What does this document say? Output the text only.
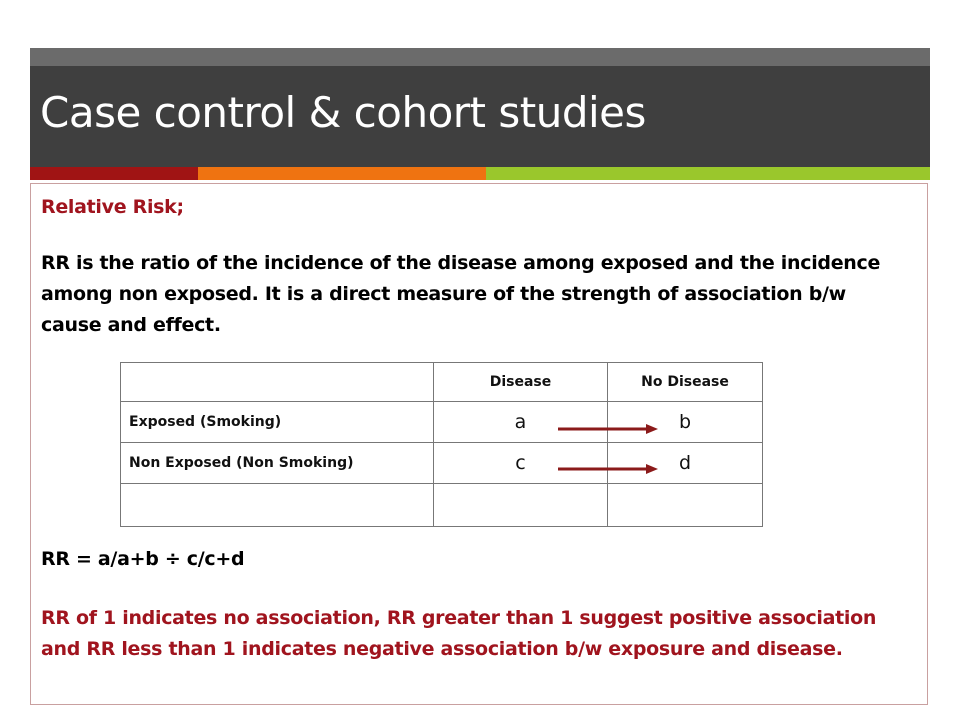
Case control & cohort studies

Relative Risk;

RR is the ratio of the incidence of the disease among exposed and the incidence among non exposed. It is a direct measure of the strength of association b/w cause and effect.

	Disease	No Disease
Exposed (Smoking)	a	b
Non Exposed (Non Smoking)	c	d

RR = a/a+b ÷ c/c+d

RR of 1 indicates no association, RR greater than 1 suggest positive association and RR less than 1 indicates negative association b/w exposure and disease.
